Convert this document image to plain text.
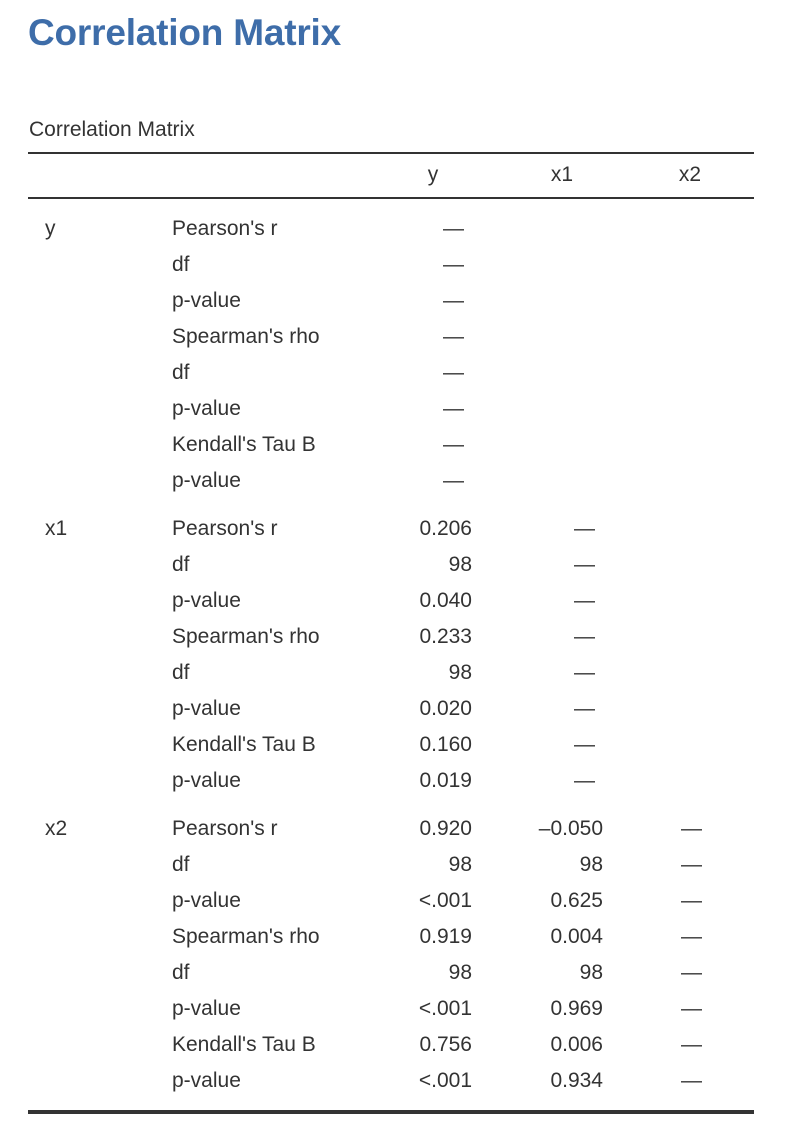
Correlation Matrix
Correlation Matrix
y	x1	x2
y	Pearson's r	—
df	—
p-value	—
Spearman's rho	—
df	—
p-value	—
Kendall's Tau B	—
p-value	—
x1	Pearson's r	0.206	—
df	98	—
p-value	0.040	—
Spearman's rho	0.233	—
df	98	—
p-value	0.020	—
Kendall's Tau B	0.160	—
p-value	0.019	—
x2	Pearson's r	0.920	–0.050	—
df	98	98	—
p-value	<.001	0.625	—
Spearman's rho	0.919	0.004	—
df	98	98	—
p-value	<.001	0.969	—
Kendall's Tau B	0.756	0.006	—
p-value	<.001	0.934	—
